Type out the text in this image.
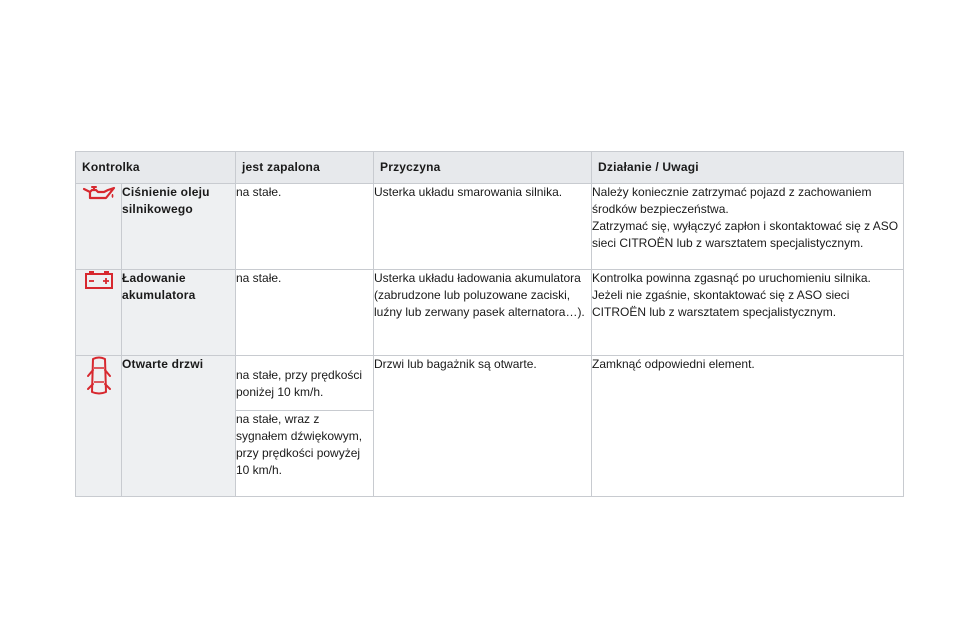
Kontrolka		jest zapalona	Przyczyna	Działanie / Uwagi
	Ciśnienie oleju silnikowego	na stałe.	Usterka układu smarowania silnika.	Należy koniecznie zatrzymać pojazd z zachowaniem środków bezpieczeństwa.
Zatrzymać się, wyłączyć zapłon i skontaktować się z ASO sieci CITROËN lub z warsztatem specjalistycznym.
	Ładowanie akumulatora	na stałe.	Usterka układu ładowania akumulatora (zabrudzone lub poluzowane zaciski, luźny lub zerwany pasek alternatora…).	Kontrolka powinna zgasnąć po uruchomieniu silnika.
Jeżeli nie zgaśnie, skontaktować się z ASO sieci CITROËN lub z warsztatem specjalistycznym.
	Otwarte drzwi	na stałe, przy prędkości poniżej 10 km/h.	Drzwi lub bagażnik są otwarte.	Zamknąć odpowiedni element.
		na stałe, wraz z sygnałem dźwiękowym, przy prędkości powyżej 10 km/h.		
